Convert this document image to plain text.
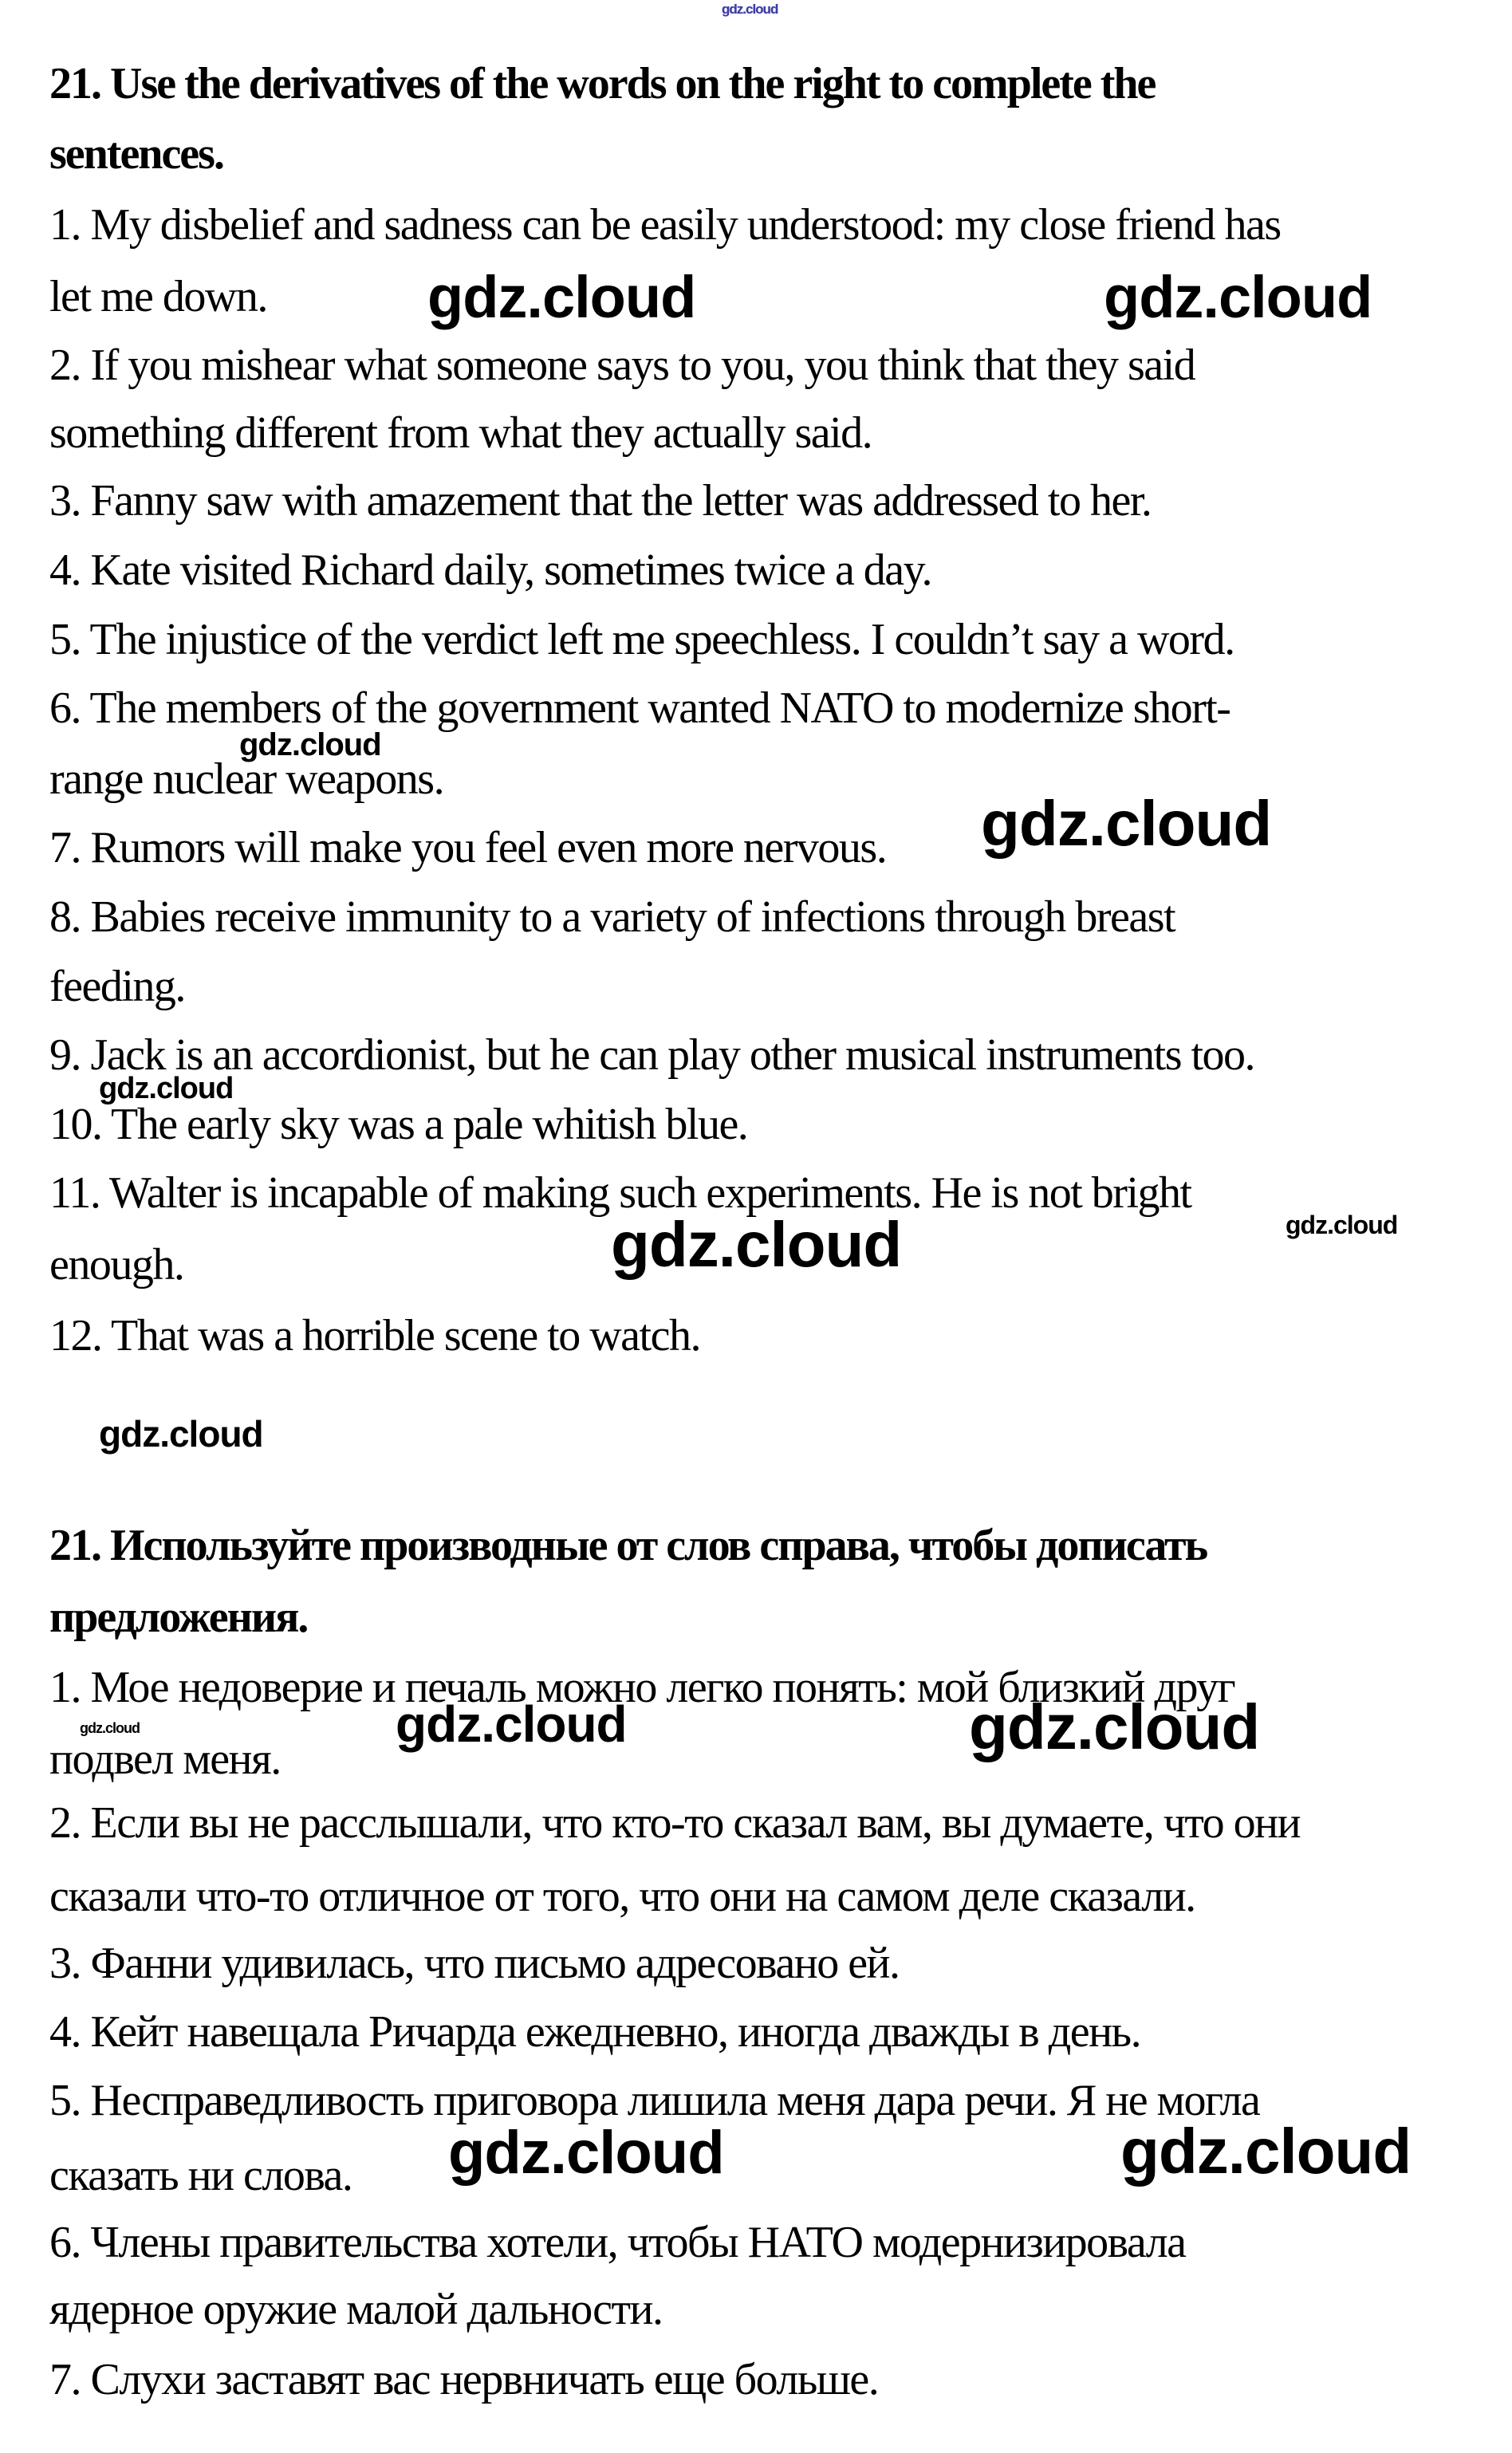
gdz.cloud
21. Use the derivatives of the words on the right to complete the
sentences.
1. My disbelief and sadness can be easily understood: my close friend has
let me down.
2. If you mishear what someone says to you, you think that they said
something different from what they actually said.
3. Fanny saw with amazement that the letter was addressed to her.
4. Kate visited Richard daily, sometimes twice a day.
5. The injustice of the verdict left me speechless. I couldn’t say a word.
6. The members of the government wanted NATO to modernize short-
range nuclear weapons.
7. Rumors will make you feel even more nervous.
8. Babies receive immunity to a variety of infections through breast
feeding.
9. Jack is an accordionist, but he can play other musical instruments too.
10. The early sky was a pale whitish blue.
11. Walter is incapable of making such experiments. He is not bright
enough.
12. That was a horrible scene to watch.
gdz.cloud	gdz.cloud
gdz.cloud
gdz.cloud
gdz.cloud
gdz.cloud	gdz.cloud
gdz.cloud
21. Используйте производные от слов справа, чтобы дописать
предложения.
1. Мое недоверие и печаль можно легко понять: мой близкий друг
подвел меня.
2. Если вы не расслышали, что кто-то сказал вам, вы думаете, что они
сказали что-то отличное от того, что они на самом деле сказали.
3. Фанни удивилась, что письмо адресовано ей.
4. Кейт навещала Ричарда ежедневно, иногда дважды в день.
5. Несправедливость приговора лишила меня дара речи. Я не могла
сказать ни слова.
6. Члены правительства хотели, чтобы НАТО модернизировала
ядерное оружие малой дальности.
7. Слухи заставят вас нервничать еще больше.
gdz.cloud	gdz.cloud	gdz.cloud
gdz.cloud	gdz.cloud
